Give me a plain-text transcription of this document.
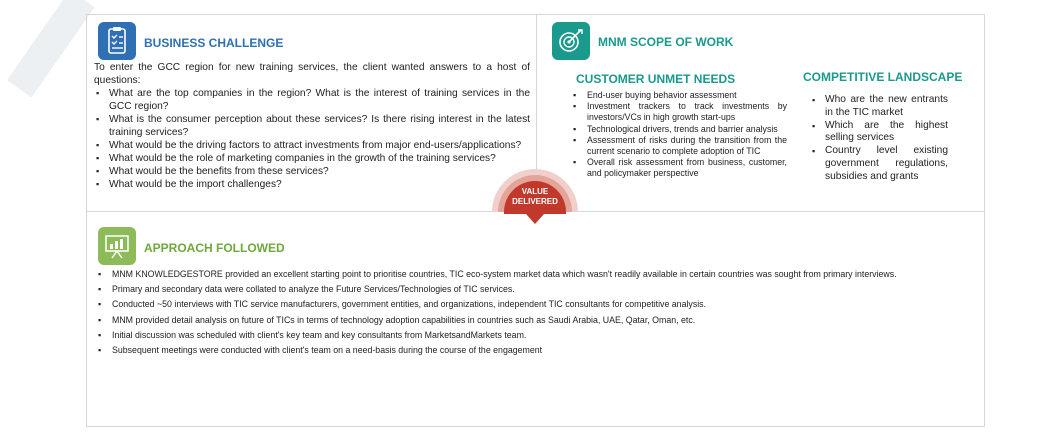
BUSINESS CHALLENGE
To enter the GCC region for new training services, the client wanted answers to a host of questions:
▪ What are the top companies in the region? What is the interest of training services in the GCC region?
▪ What is the consumer perception about these services? Is there rising interest in the latest training services?
▪ What would be the driving factors to attract investments from major end-users/applications?
▪ What would be the role of marketing companies in the growth of the training services?
▪ What would be the benefits from these services?
▪ What would be the import challenges?
MNM SCOPE OF WORK
CUSTOMER UNMET NEEDS
▪ End-user buying behavior assessment
▪ Investment trackers to track investments by investors/VCs in high growth start-ups
▪ Technological drivers, trends and barrier analysis
▪ Assessment of risks during the transition from the current scenario to complete adoption of TIC
▪ Overall risk assessment from business, customer, and policymaker perspective
COMPETITIVE LANDSCAPE
▪ Who are the new entrants in the TIC market
▪ Which are the highest selling services
▪ Country level existing government regulations, subsidies and grants
VALUE
DELIVERED
APPROACH FOLLOWED
▪ MNM KNOWLEDGESTORE provided an excellent starting point to prioritise countries, TIC eco-system market data which wasn't readily available in certain countries was sought from primary interviews.
▪ Primary and secondary data were collated to analyze the Future Services/Technologies of TIC services.
▪ Conducted ~50 interviews with TIC service manufacturers, government entities, and organizations, independent TIC consultants for competitive analysis.
▪ MNM provided detail analysis on future of TICs in terms of technology adoption capabilities in countries such as Saudi Arabia, UAE, Qatar, Oman, etc.
▪ Initial discussion was scheduled with client's key team and key consultants from MarketsandMarkets team.
▪ Subsequent meetings were conducted with client's team on a need-basis during the course of the engagement
